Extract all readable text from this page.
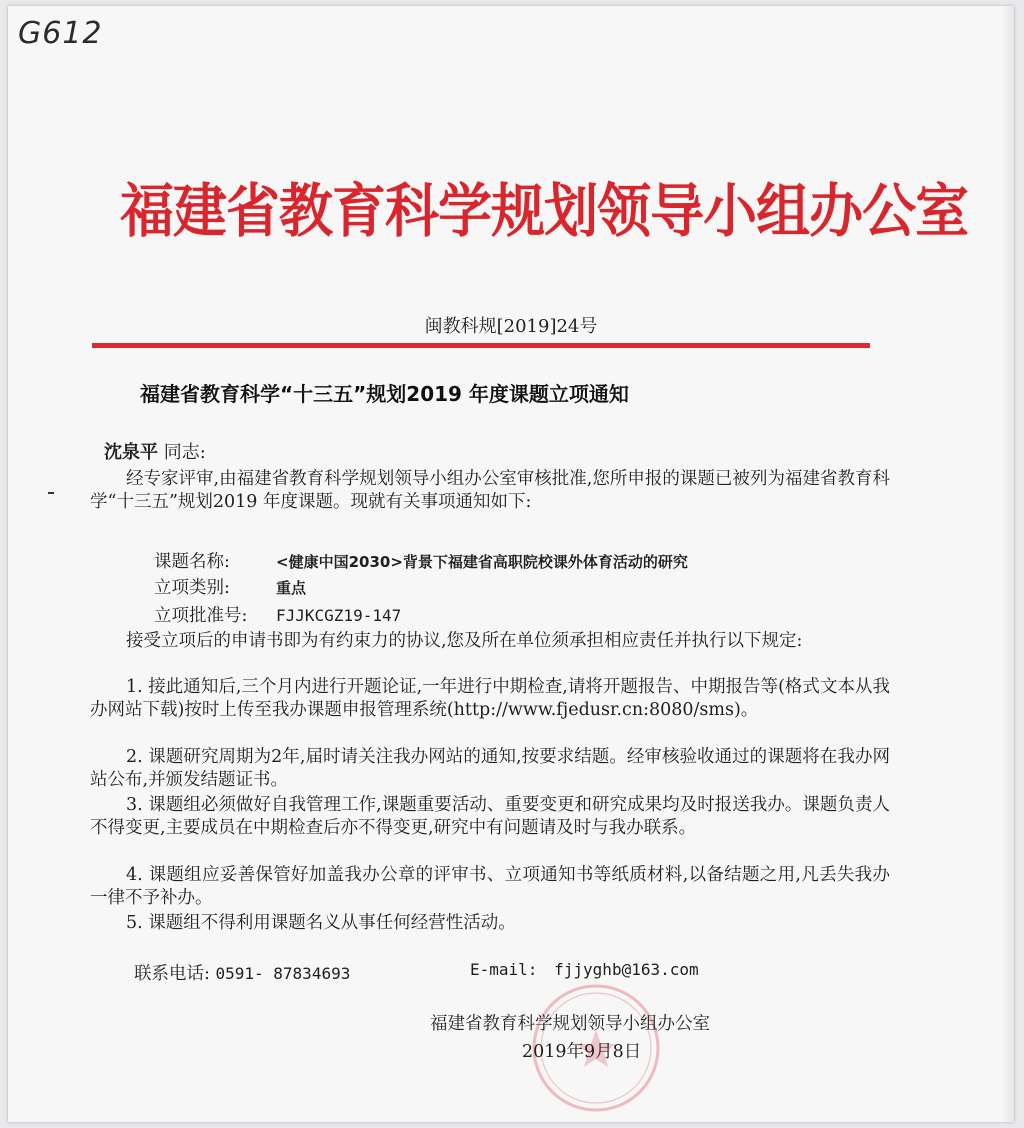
G612
福建省教育科学规划领导小组办公室
闽教科规[2019]24号
福建省教育科学“十三五”规划2019 年度课题立项通知
沈泉平 同志:
经专家评审,由福建省教育科学规划领导小组办公室审核批准,您所申报的课题已被列为福建省教育科学“十三五”规划2019 年度课题。现就有关事项通知如下:
课题名称:	<健康中国2030>背景下福建省高职院校课外体育活动的研究
立项类别:	重点
立项批准号: FJJKCGZ19-147
接受立项后的申请书即为有约束力的协议,您及所在单位须承担相应责任并执行以下规定:
1. 接此通知后,三个月内进行开题论证,一年进行中期检查,请将开题报告、中期报告等(格式文本从我办网站下载)按时上传至我办课题申报管理系统(http://www.fjedusr.cn:8080/sms)。
2. 课题研究周期为2年,届时请关注我办网站的通知,按要求结题。经审核验收通过的课题将在我办网站公布,并颁发结题证书。
3. 课题组必须做好自我管理工作,课题重要活动、重要变更和研究成果均及时报送我办。课题负责人不得变更,主要成员在中期检查后亦不得变更,研究中有问题请及时与我办联系。
4. 课题组应妥善保管好加盖我办公章的评审书、立项通知书等纸质材料,以备结题之用,凡丢失我办一律不予补办。
5. 课题组不得利用课题名义从事任何经营性活动。
联系电话: 0591- 87834693	E-mail: fjjyghb@163.com
福建省教育科学规划领导小组办公室
2019年9月8日
